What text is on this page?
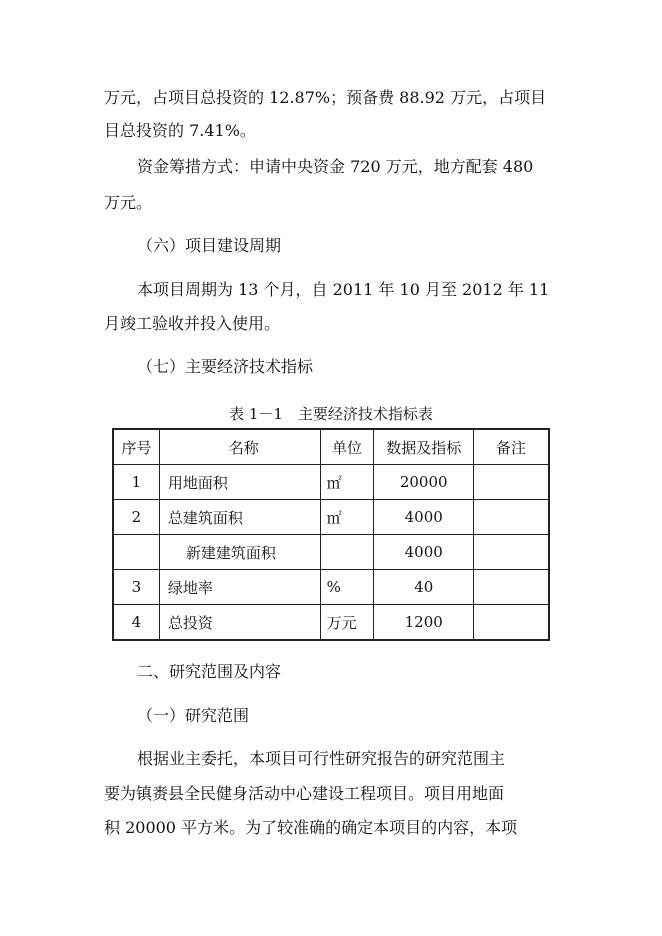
万元，占项目总投资的 12.87%；预备费 88.92 万元，占项目
目总投资的 7.41%。
资金筹措方式：申请中央资金 720 万元，地方配套 480
万元。
（六）项目建设周期
本项目周期为 13 个月，自 2011 年 10 月至 2012 年 11
月竣工验收并投入使用。
（七）主要经济技术指标
表 1－1　主要经济技术指标表
序号	名称	单位	数据及指标	备注
1	用地面积	㎡	20000	
2	总建筑面积	㎡	4000	
	新建建筑面积		4000	
3	绿地率	%	40	
4	总投资	万元	1200	
二、研究范围及内容
（一）研究范围
根据业主委托，本项目可行性研究报告的研究范围主
要为镇赉县全民健身活动中心建设工程项目。项目用地面
积 20000 平方米。为了较准确的确定本项目的内容，本项
